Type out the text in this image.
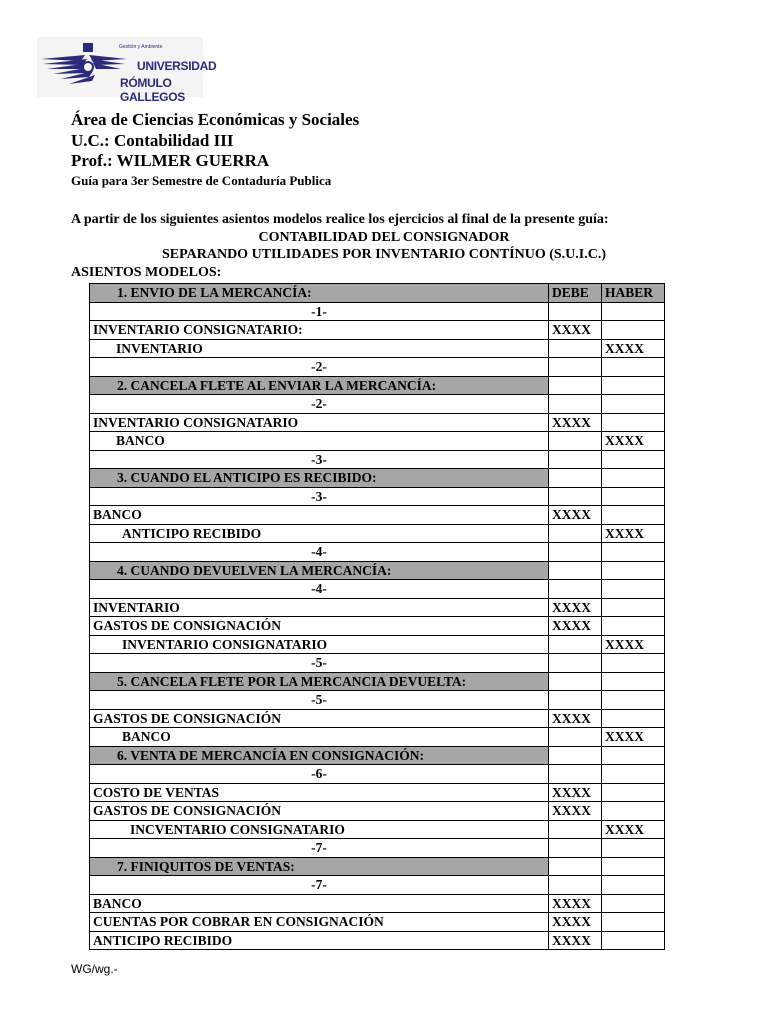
Gestión y Ambiente
UNIVERSIDAD
RÓMULO GALLEGOS

Área de Ciencias Económicas y Sociales

U.C.: Contabilidad III

Prof.: WILMER GUERRA

Guía para 3er Semestre de Contaduría Publica

A partir de los siguientes asientos modelos realice los ejercicios al final de la presente guía:

CONTABILIDAD DEL CONSIGNADOR

SEPARANDO UTILIDADES POR INVENTARIO CONTÍNUO (S.U.I.C.)

ASIENTOS MODELOS:

1. ENVIO DE LA MERCANCÍA:	DEBE	HABER
-1-		
INVENTARIO CONSIGNATARIO:	XXXX	
INVENTARIO		XXXX
-2-		
2. CANCELA FLETE AL ENVIAR LA MERCANCÍA:		
-2-		
INVENTARIO CONSIGNATARIO	XXXX	
BANCO		XXXX
-3-		
3. CUANDO EL ANTICIPO ES RECIBIDO:		
-3-		
BANCO	XXXX	
ANTICIPO RECIBIDO		XXXX
-4-		
4. CUANDO DEVUELVEN LA MERCANCÍA:		
-4-		
INVENTARIO	XXXX	
GASTOS DE CONSIGNACIÓN	XXXX	
INVENTARIO CONSIGNATARIO		XXXX
-5-		
5. CANCELA FLETE POR LA MERCANCIA DEVUELTA:		
-5-		
GASTOS DE CONSIGNACIÓN	XXXX	
BANCO		XXXX
6. VENTA DE MERCANCÍA EN CONSIGNACIÓN:		
-6-		
COSTO DE VENTAS	XXXX	
GASTOS DE CONSIGNACIÓN	XXXX	
INCVENTARIO CONSIGNATARIO		XXXX
-7-		
7. FINIQUITOS DE VENTAS:		
-7-		
BANCO	XXXX	
CUENTAS POR COBRAR EN CONSIGNACIÓN	XXXX	
ANTICIPO RECIBIDO	XXXX	
WG/wg.-
